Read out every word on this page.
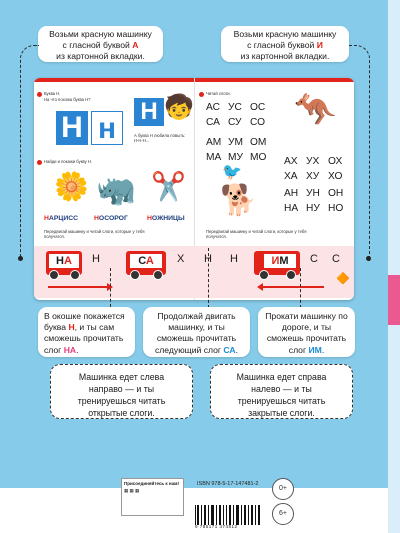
Возьми красную машинку

с гласной буквой А

из картонной вкладки.

Возьми красную машинку

с гласной буквой И

из картонной вкладки.

Буква Н.
На что похожа буква Н?
Н н
Н 🧒
А буква Н любила повыть: Н-Н-Н...
Найди и покажи букву Н.
🌼 🦏 ✂️
НАРЦИСС НОСОРОГ	НОЖНИЦЫ
Читай слоги.
АС УС ОС
СА СУ СО
АМ УМ ОМ
МА МУ МО
🦘
АХ УХ ОХ
ХА ХУ ХО
🐦
🐕	АН УН ОН
НА НУ НО
Передвигай машинку и читай слоги, которые у тебя получатся.
Передвигай машинку и читай слоги, которые у тебя получатся.
НА	Н	СА	Х Н Н	ИМ	С С
🔶

В окошке покажется буква Н, и ты сам сможешь прочитать слог НА.

Продолжай двигать машинку, и ты сможешь прочитать следующий слог СА.

Прокати машинку по дороге, и ты сможешь прочитать слог ИМ.

Машинка едет слева направо — и ты тренируешься читать открытые слоги.
Машинка едет справа налево — и ты тренируешься читать закрытые слоги.
Присоединяйтесь к нам!
▦ ▦ ▦
ISBN 978-5-17-147481-2
9 785171 474812
0+
6+
